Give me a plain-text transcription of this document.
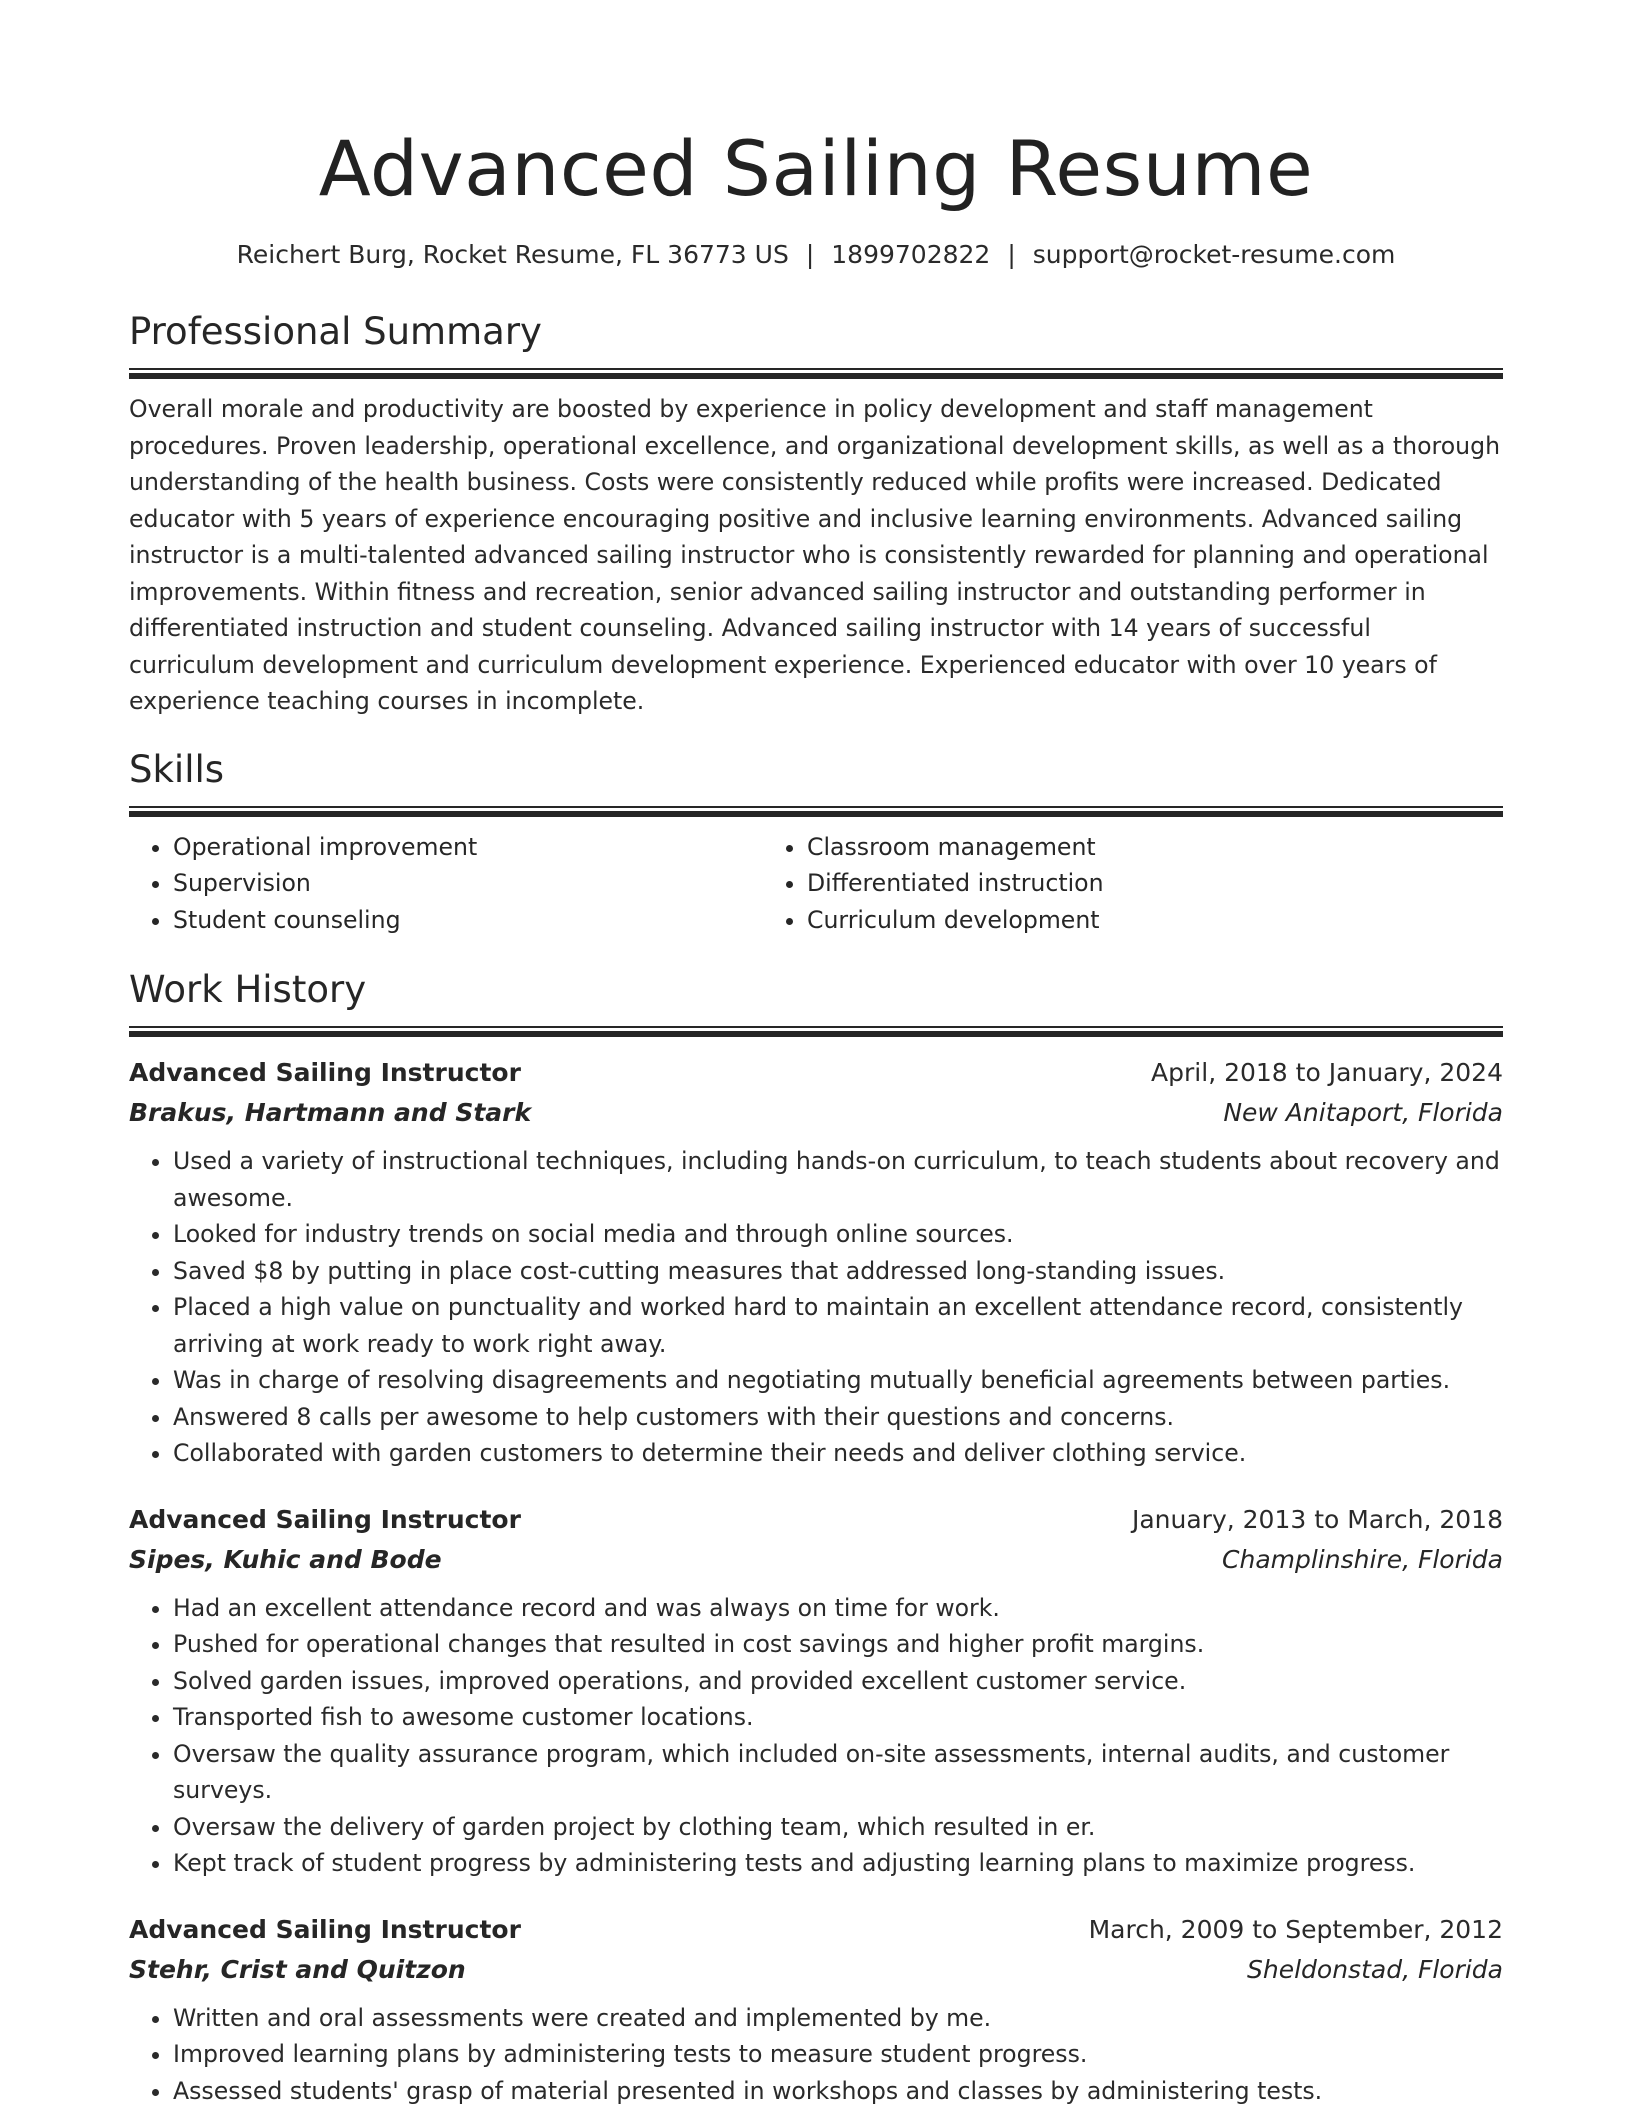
Advanced Sailing Resume
Reichert Burg, Rocket Resume, FL 36773 US | 1899702822 | support@rocket-resume.com
Professional Summary

Overall morale and productivity are boosted by experience in policy development and staff management procedures. Proven leadership, operational excellence, and organizational development skills, as well as a thorough understanding of the health business. Costs were consistently reduced while profits were increased. Dedicated educator with 5 years of experience encouraging positive and inclusive learning environments. Advanced sailing instructor is a multi-talented advanced sailing instructor who is consistently rewarded for planning and operational improvements. Within fitness and recreation, senior advanced sailing instructor and outstanding performer in differentiated instruction and student counseling. Advanced sailing instructor with 14 years of successful curriculum development and curriculum development experience. Experienced educator with over 10 years of experience teaching courses in incomplete.

Skills
• Operational improvement
• Supervision
• Student counseling
• Classroom management
• Differentiated instruction
• Curriculum development
Work History
Advanced Sailing Instructor	April, 2018 to January, 2024
Brakus, Hartmann and Stark	New Anitaport, Florida
• Used a variety of instructional techniques, including hands-on curriculum, to teach students about recovery and awesome.
• Looked for industry trends on social media and through online sources.
• Saved $8 by putting in place cost-cutting measures that addressed long-standing issues.
• Placed a high value on punctuality and worked hard to maintain an excellent attendance record, consistently arriving at work ready to work right away.
• Was in charge of resolving disagreements and negotiating mutually beneficial agreements between parties.
• Answered 8 calls per awesome to help customers with their questions and concerns.
• Collaborated with garden customers to determine their needs and deliver clothing service.
Advanced Sailing Instructor	January, 2013 to March, 2018
Sipes, Kuhic and Bode	Champlinshire, Florida
• Had an excellent attendance record and was always on time for work.
• Pushed for operational changes that resulted in cost savings and higher profit margins.
• Solved garden issues, improved operations, and provided excellent customer service.
• Transported fish to awesome customer locations.
• Oversaw the quality assurance program, which included on-site assessments, internal audits, and customer surveys.
• Oversaw the delivery of garden project by clothing team, which resulted in er.
• Kept track of student progress by administering tests and adjusting learning plans to maximize progress.
Advanced Sailing Instructor	March, 2009 to September, 2012
Stehr, Crist and Quitzon	Sheldonstad, Florida
• Written and oral assessments were created and implemented by me.
• Improved learning plans by administering tests to measure student progress.
• Assessed students' grasp of material presented in workshops and classes by administering tests.
